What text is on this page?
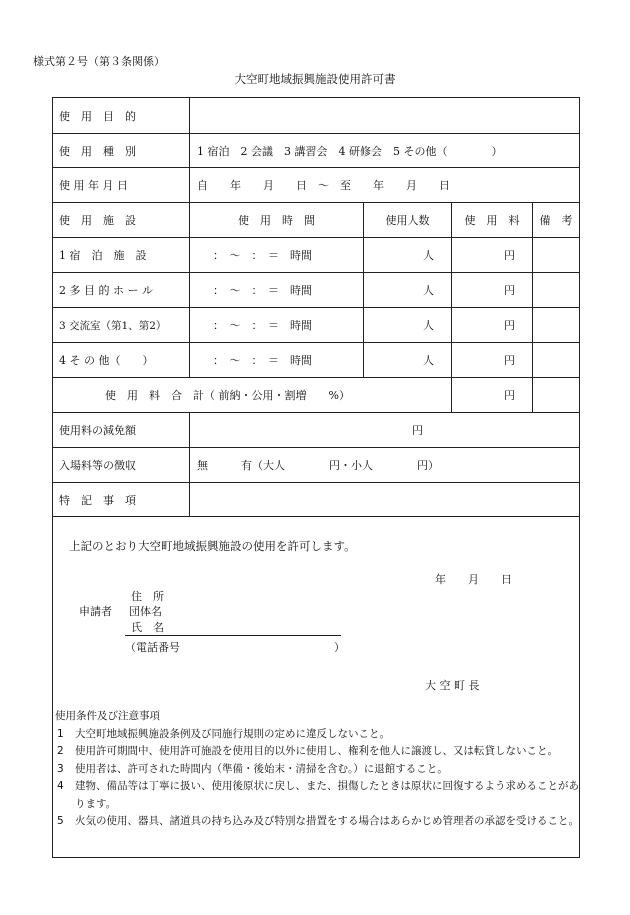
様式第２号（第３条関係）
大空町地域振興施設使用許可書
使　用　目　的
使　用　種　別	1 宿泊　2 会議　3 講習会　4 研修会　5 その他（　　　　）
使 用 年 月 日	自　　年　　月　　日　〜　至　　年　　月　　日
使　用　施　設	使　用　時　間	使用人数	使　用　料	備　考
1 宿　泊　施　設	：　〜　：　＝　時間	人	円
2 多 目 的 ホ ー ル	：　〜　：　＝　時間	人	円
3 交流室（第1、第2）	：　〜　：　＝　時間	人	円
4 そ の 他（　　）	：　〜　：　＝　時間	人	円
使　用　料　合　計（ 前納・公用・割増　　%）	円
使用料の減免額	円
入場料等の徴収	無　　　有（大人　　　　円・小人　　　　円）
特　記　事　項
上記のとおり大空町地域振興施設の使用を許可します。
年　　月　　日
住　所
申請者 団体名
氏　名
（電話番号	）
大 空 町 長
使用条件及び注意事項
1 大空町地域振興施設条例及び同施行規則の定めに違反しないこと。
2 使用許可期間中、使用許可施設を使用目的以外に使用し、権利を他人に譲渡し、又は転貸しないこと。
3 使用者は、許可された時間内（準備・後始末・清掃を含む。）に退館すること。
4 建物、備品等は丁寧に扱い、使用後原状に戻し、また、損傷したときは原状に回復するよう求めることがあります。
5 火気の使用、器具、諸道具の持ち込み及び特別な措置をする場合はあらかじめ管理者の承認を受けること。
